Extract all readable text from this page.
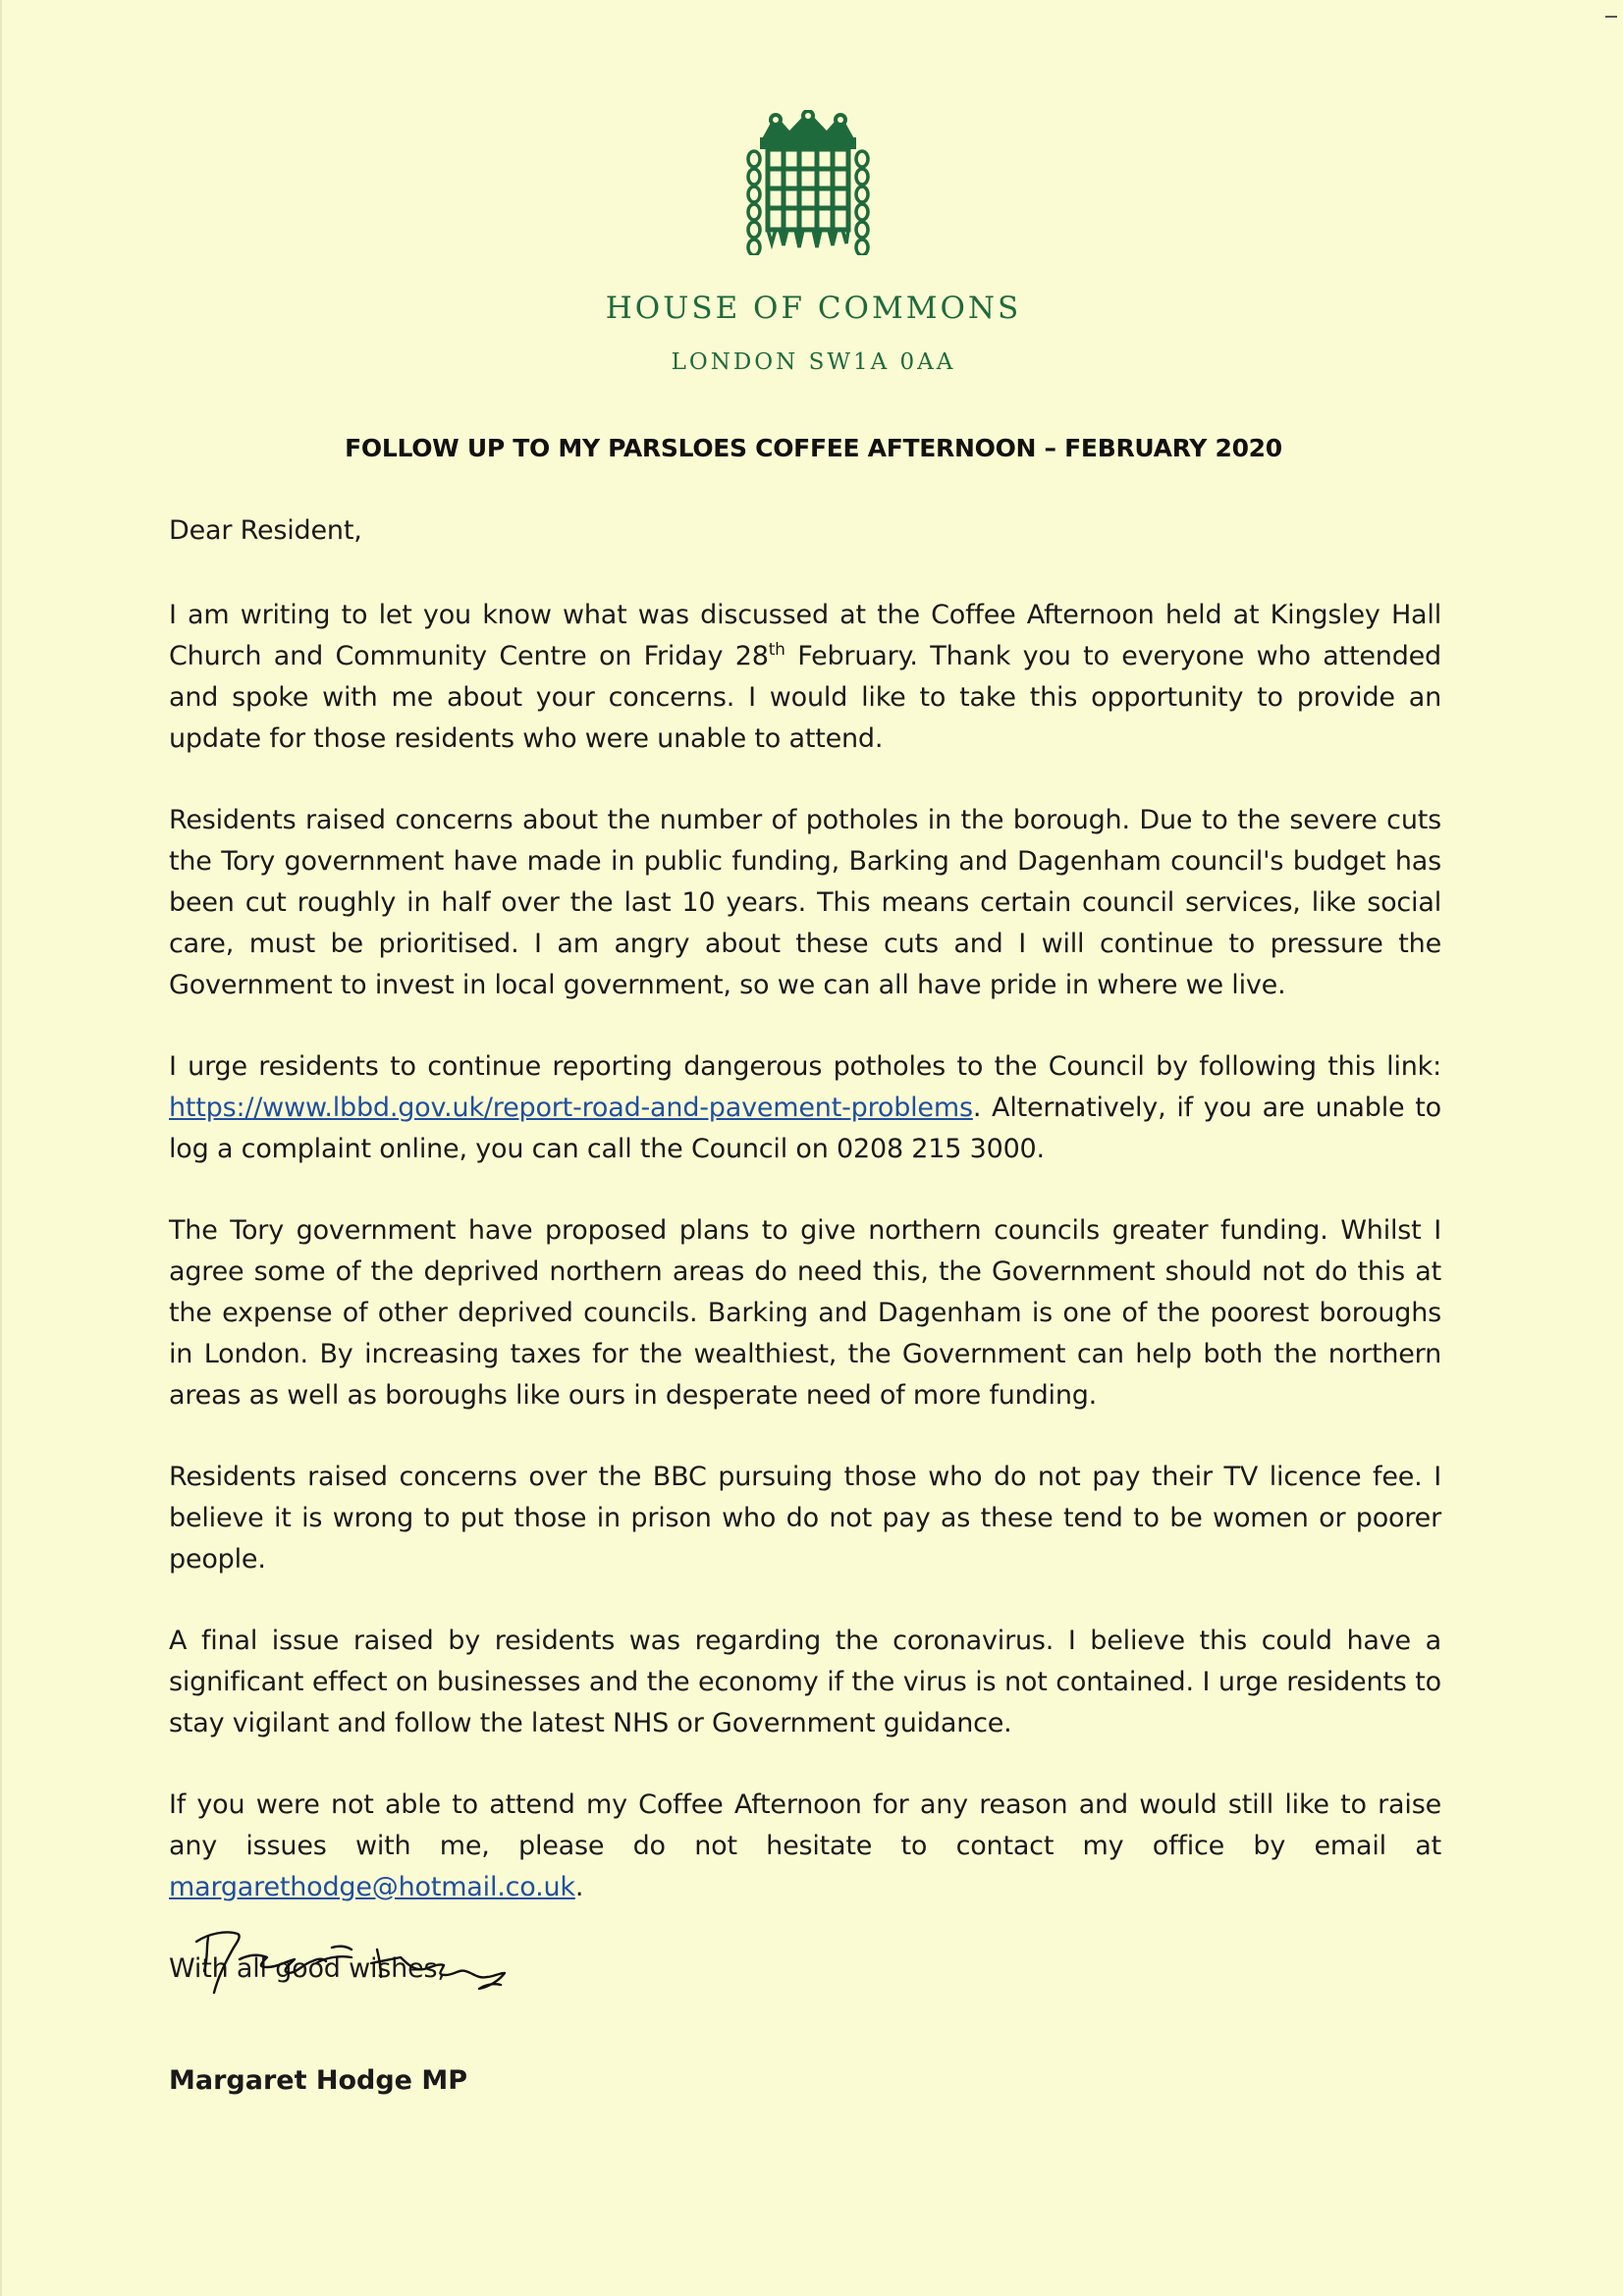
HOUSE OF COMMONS
LONDON SW1A 0AA
FOLLOW UP TO MY PARSLOES COFFEE AFTERNOON – FEBRUARY 2020

Dear Resident,

I am writing to let you know what was discussed at the Coffee Afternoon held at Kingsley Hall Church and Community Centre on Friday 28th February. Thank you to everyone who attended and spoke with me about your concerns. I would like to take this opportunity to provide an update for those residents who were unable to attend.

Residents raised concerns about the number of potholes in the borough. Due to the severe cuts the Tory government have made in public funding, Barking and Dagenham council's budget has been cut roughly in half over the last 10 years. This means certain council services, like social care, must be prioritised. I am angry about these cuts and I will continue to pressure the Government to invest in local government, so we can all have pride in where we live.

I urge residents to continue reporting dangerous potholes to the Council by following this link: https://www.lbbd.gov.uk/report-road-and-pavement-problems. Alternatively, if you are unable to log a complaint online, you can call the Council on 0208 215 3000.

The Tory government have proposed plans to give northern councils greater funding. Whilst I agree some of the deprived northern areas do need this, the Government should not do this at the expense of other deprived councils. Barking and Dagenham is one of the poorest boroughs in London. By increasing taxes for the wealthiest, the Government can help both the northern areas as well as boroughs like ours in desperate need of more funding.

Residents raised concerns over the BBC pursuing those who do not pay their TV licence fee. I believe it is wrong to put those in prison who do not pay as these tend to be women or poorer people.

A final issue raised by residents was regarding the coronavirus. I believe this could have a significant effect on businesses and the economy if the virus is not contained. I urge residents to stay vigilant and follow the latest NHS or Government guidance.

If you were not able to attend my Coffee Afternoon for any reason and would still like to raise any issues with me, please do not hesitate to contact my office by email at margarethodge@hotmail.co.uk.

With all good wishes,

Margaret Hodge MP
